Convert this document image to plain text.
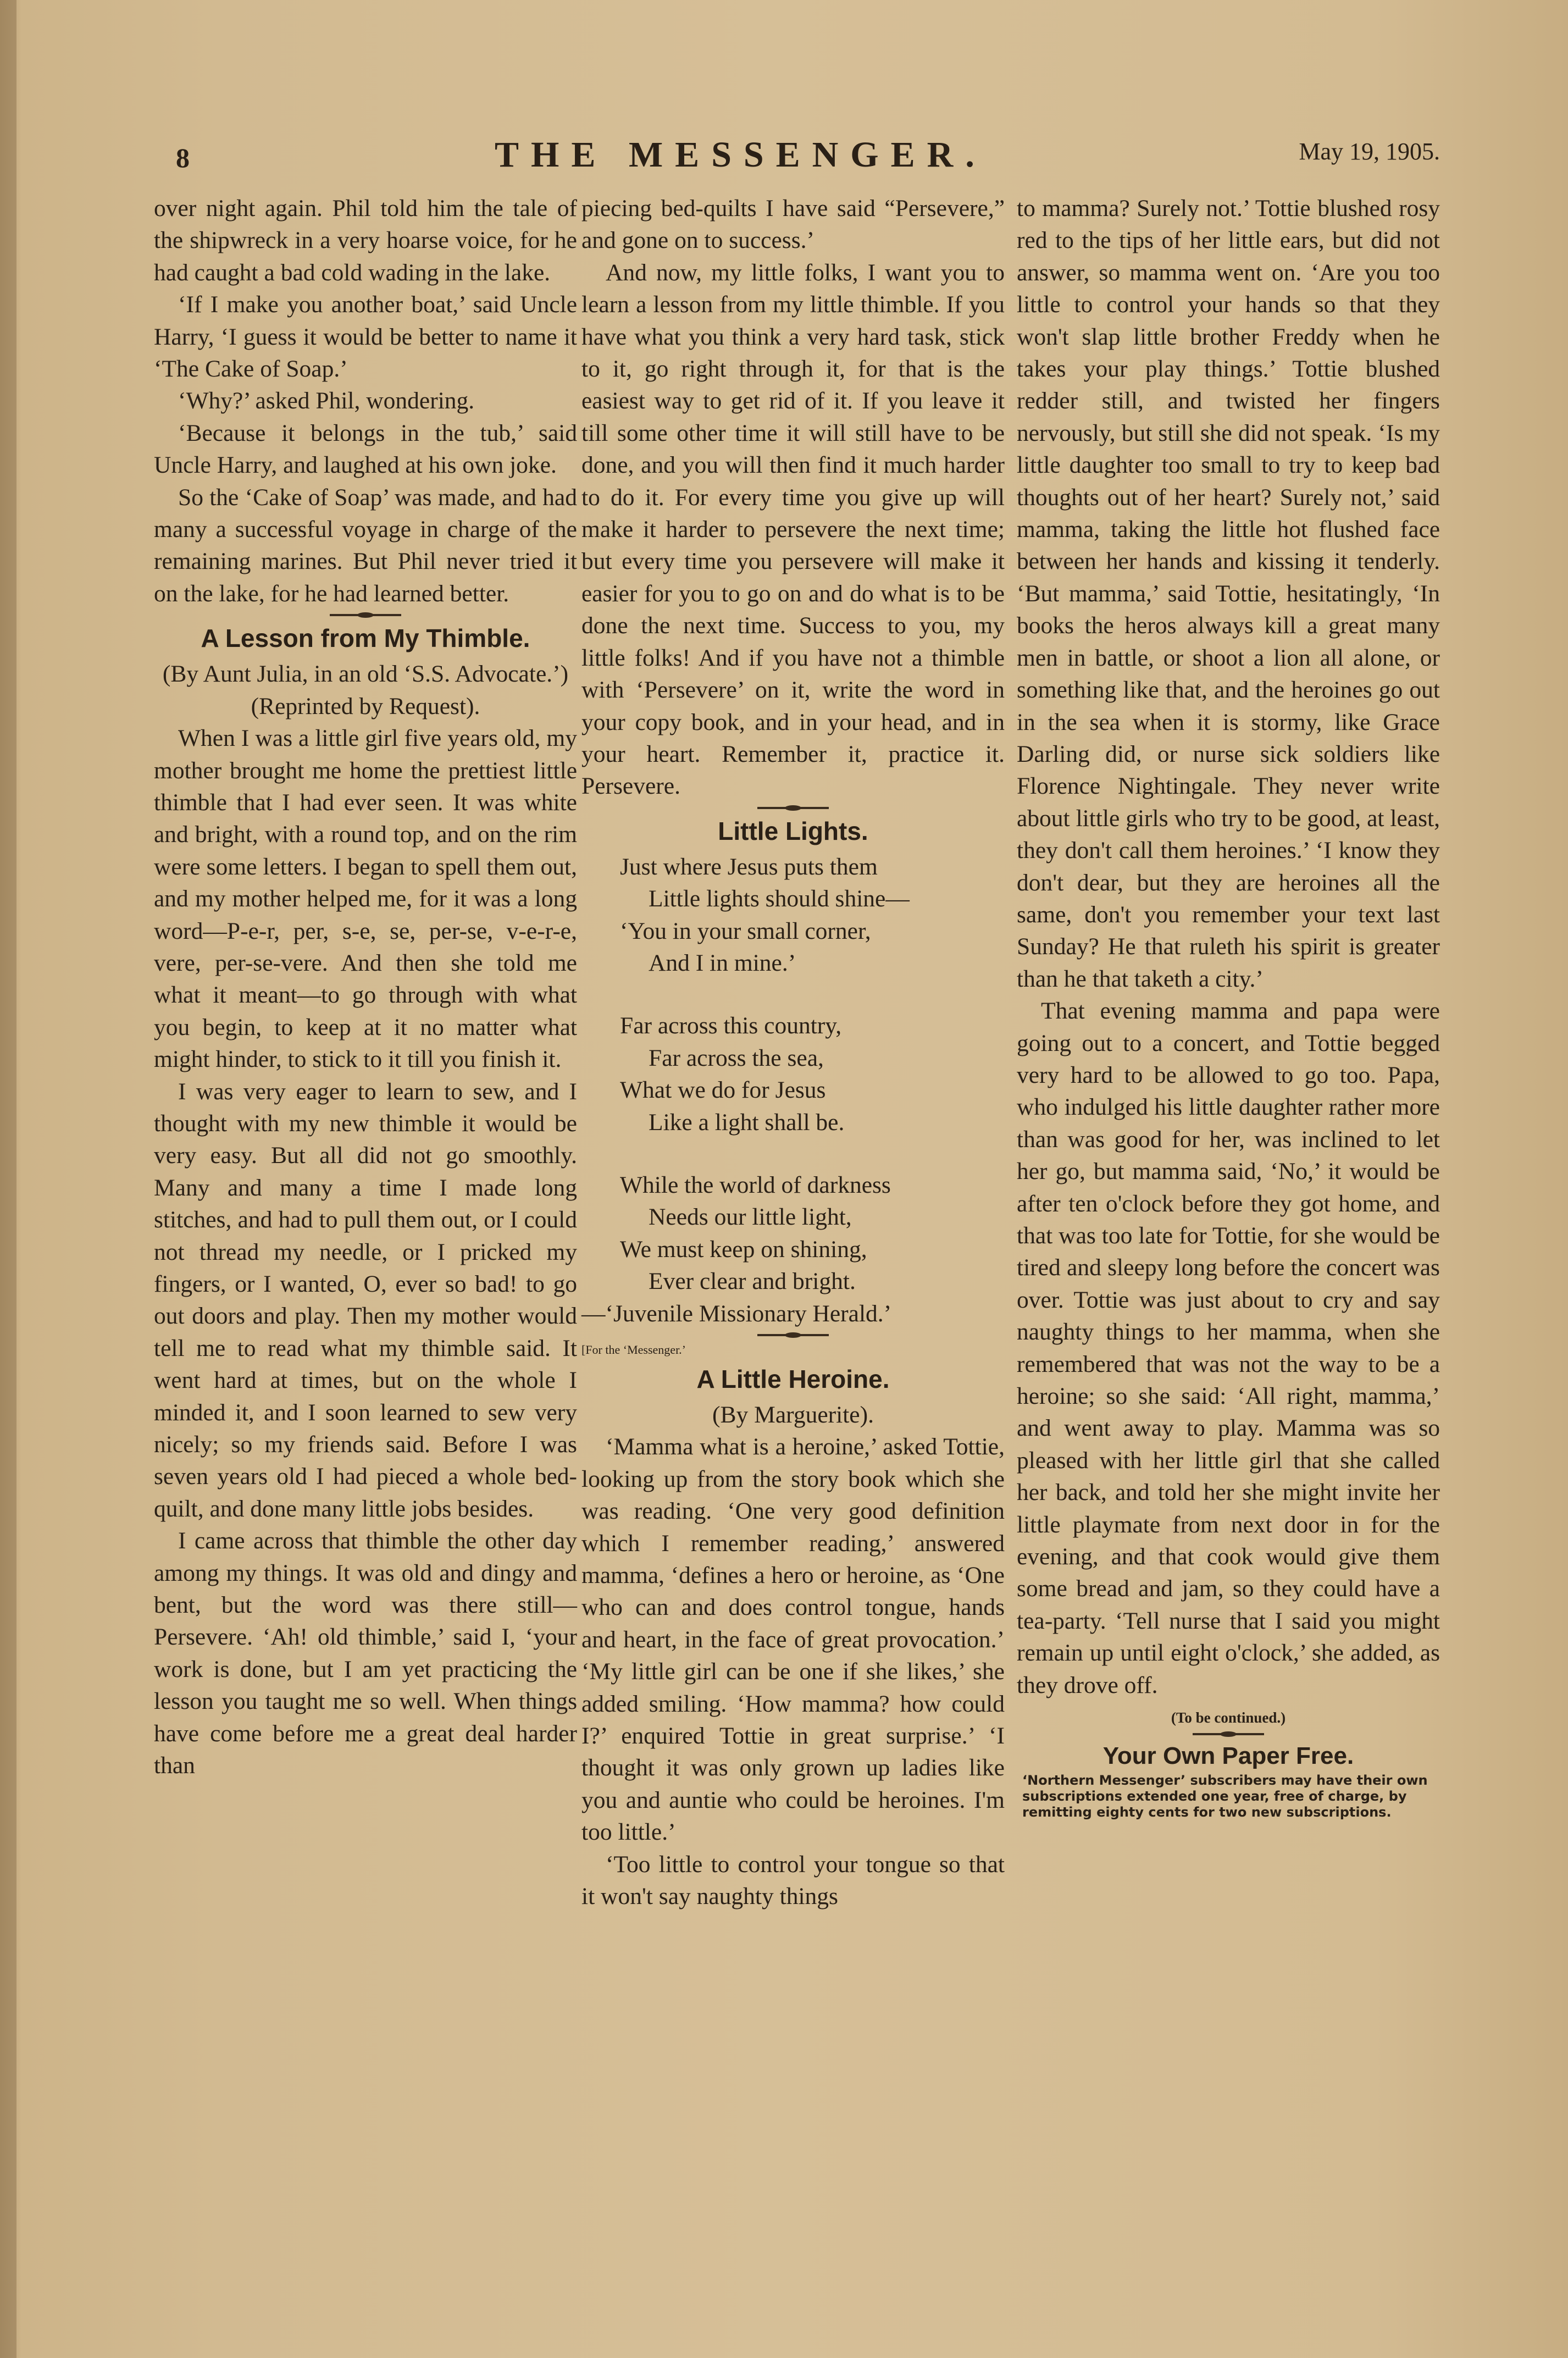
8	THE MESSENGER.	May 19, 1905.

over night again. Phil told him the tale of the shipwreck in a very hoarse voice, for he had caught a bad cold wading in the lake.

‘If I make you another boat,’ said Uncle Harry, ‘I guess it would be better to name it ‘The Cake of Soap.’

‘Why?’ asked Phil, wondering.

‘Because it belongs in the tub,’ said Uncle Harry, and laughed at his own joke.

So the ‘Cake of Soap’ was made, and had many a successful voyage in charge of the remaining marines. But Phil never tried it on the lake, for he had learned better.

A Lesson from My Thimble.

(By Aunt Julia, in an old ‘S.S. Advocate.’)

(Reprinted by Request).

When I was a little girl five years old, my mother brought me home the prettiest little thimble that I had ever seen. It was white and bright, with a round top, and on the rim were some letters. I began to spell them out, and my mother helped me, for it was a long word—P-e-r, per, s-e, se, per-se, v-e-r-e, vere, per-se-vere. And then she told me what it meant—to go through with what you begin, to keep at it no matter what might hinder, to stick to it till you finish it.

I was very eager to learn to sew, and I thought with my new thimble it would be very easy. But all did not go smoothly. Many and many a time I made long stitches, and had to pull them out, or I could not thread my needle, or I pricked my fingers, or I wanted, O, ever so bad! to go out doors and play. Then my mother would tell me to read what my thimble said. It went hard at times, but on the whole I minded it, and I soon learned to sew very nicely; so my friends said. Before I was seven years old I had pieced a whole bed-quilt, and done many little jobs besides.

I came across that thimble the other day among my things. It was old and dingy and bent, but the word was there still—Persevere. ‘Ah! old thimble,’ said I, ‘your work is done, but I am yet practicing the lesson you taught me so well. When things have come before me a great deal harder than

piecing bed-quilts I have said “Persevere,” and gone on to success.’

And now, my little folks, I want you to learn a lesson from my little thimble. If you have what you think a very hard task, stick to it, go right through it, for that is the easiest way to get rid of it. If you leave it till some other time it will still have to be done, and you will then find it much harder to do it. For every time you give up will make it harder to persevere the next time; but every time you persevere will make it easier for you to go on and do what is to be done the next time. Success to you, my little folks! And if you have not a thimble with ‘Persevere’ on it, write the word in your copy book, and in your head, and in your heart. Remember it, practice it. Persevere.

Little Lights.

Just where Jesus puts them

Little lights should shine—

‘You in your small corner,

And I in mine.’

Far across this country,

Far across the sea,

What we do for Jesus

Like a light shall be.

While the world of darkness

Needs our little light,

We must keep on shining,

Ever clear and bright.

—‘Juvenile Missionary Herald.’

[For the ‘Messenger.’

A Little Heroine.

(By Marguerite).

‘Mamma what is a heroine,’ asked Tottie, looking up from the story book which she was reading. ‘One very good definition which I remember reading,’ answered mamma, ‘defines a hero or heroine, as ‘One who can and does control tongue, hands and heart, in the face of great provocation.’ ‘My little girl can be one if she likes,’ she added smiling. ‘How mamma? how could I?’ enquired Tottie in great surprise.’ ‘I thought it was only grown up ladies like you and auntie who could be heroines. I'm too little.’

‘Too little to control your tongue so that it won't say naughty things

to mamma? Surely not.’ Tottie blushed rosy red to the tips of her little ears, but did not answer, so mamma went on. ‘Are you too little to control your hands so that they won't slap little brother Freddy when he takes your play things.’ Tottie blushed redder still, and twisted her fingers nervously, but still she did not speak. ‘Is my little daughter too small to try to keep bad thoughts out of her heart? Surely not,’ said mamma, taking the little hot flushed face between her hands and kissing it tenderly. ‘But mamma,’ said Tottie, hesitatingly, ‘In books the heros always kill a great many men in battle, or shoot a lion all alone, or something like that, and the heroines go out in the sea when it is stormy, like Grace Darling did, or nurse sick soldiers like Florence Nightingale. They never write about little girls who try to be good, at least, they don't call them heroines.’ ‘I know they don't dear, but they are heroines all the same, don't you remember your text last Sunday? He that ruleth his spirit is greater than he that taketh a city.’

That evening mamma and papa were going out to a concert, and Tottie begged very hard to be allowed to go too. Papa, who indulged his little daughter rather more than was good for her, was inclined to let her go, but mamma said, ‘No,’ it would be after ten o'clock before they got home, and that was too late for Tottie, for she would be tired and sleepy long before the concert was over. Tottie was just about to cry and say naughty things to her mamma, when she remembered that was not the way to be a heroine; so she said: ‘All right, mamma,’ and went away to play. Mamma was so pleased with her little girl that she called her back, and told her she might invite her little playmate from next door in for the evening, and that cook would give them some bread and jam, so they could have a tea-party. ‘Tell nurse that I said you might remain up until eight o'clock,’ she added, as they drove off.

(To be continued.)

Your Own Paper Free.

‘Northern Messenger’ subscribers may have their own subscriptions extended one year, free of charge, by remitting eighty cents for two new subscriptions.
